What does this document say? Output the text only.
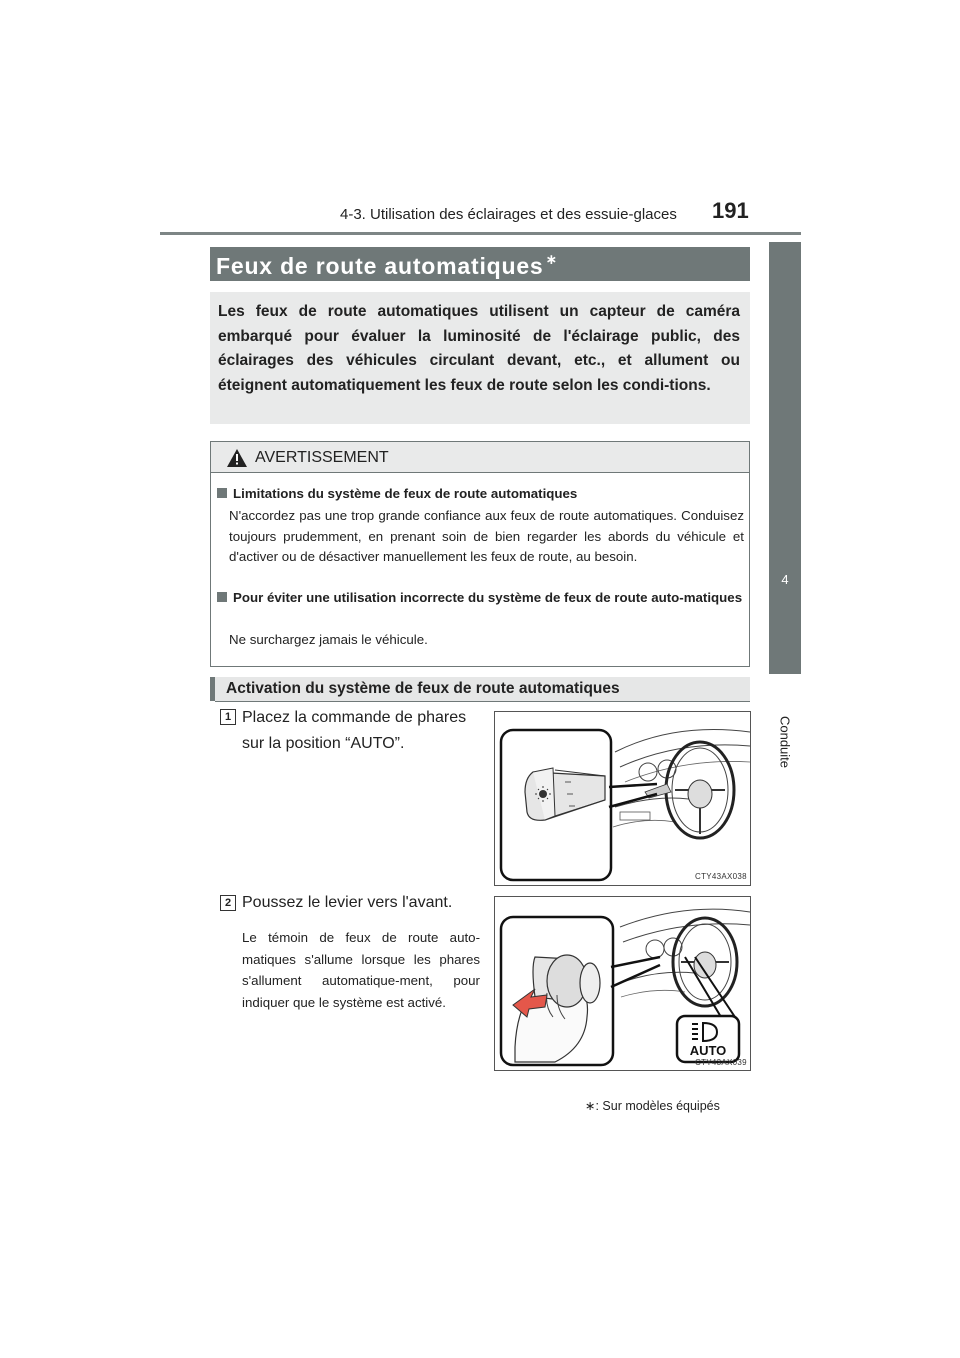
4-3. Utilisation des éclairages et des essuie-glaces 191
4
Conduite
Feux de route automatiques ∗

Les feux de route automatiques utilisent un capteur de caméra embarqué pour évaluer la luminosité de l'éclairage public, des éclairages des véhicules circulant devant, etc., et allument ou éteignent automatiquement les feux de route selon les condi-tions.

AVERTISSEMENT
Limitations du système de feux de route automatiques
N'accordez pas une trop grande confiance aux feux de route automatiques. Conduisez toujours prudemment, en prenant soin de bien regarder les abords du véhicule et d'activer ou de désactiver manuellement les feux de route, au besoin.
Pour éviter une utilisation incorrecte du système de feux de route auto-matiques
Ne surchargez jamais le véhicule.
Activation du système de feux de route automatiques
1 Placez la commande de phares sur la position “AUTO”.
CTY43AX038
2 Poussez le levier vers l'avant.
Le témoin de feux de route auto-matiques s'allume lorsque les phares s'allument automatique-ment, pour indiquer que le système est activé.
AUTO
CTY43AX039
∗: Sur modèles équipés
